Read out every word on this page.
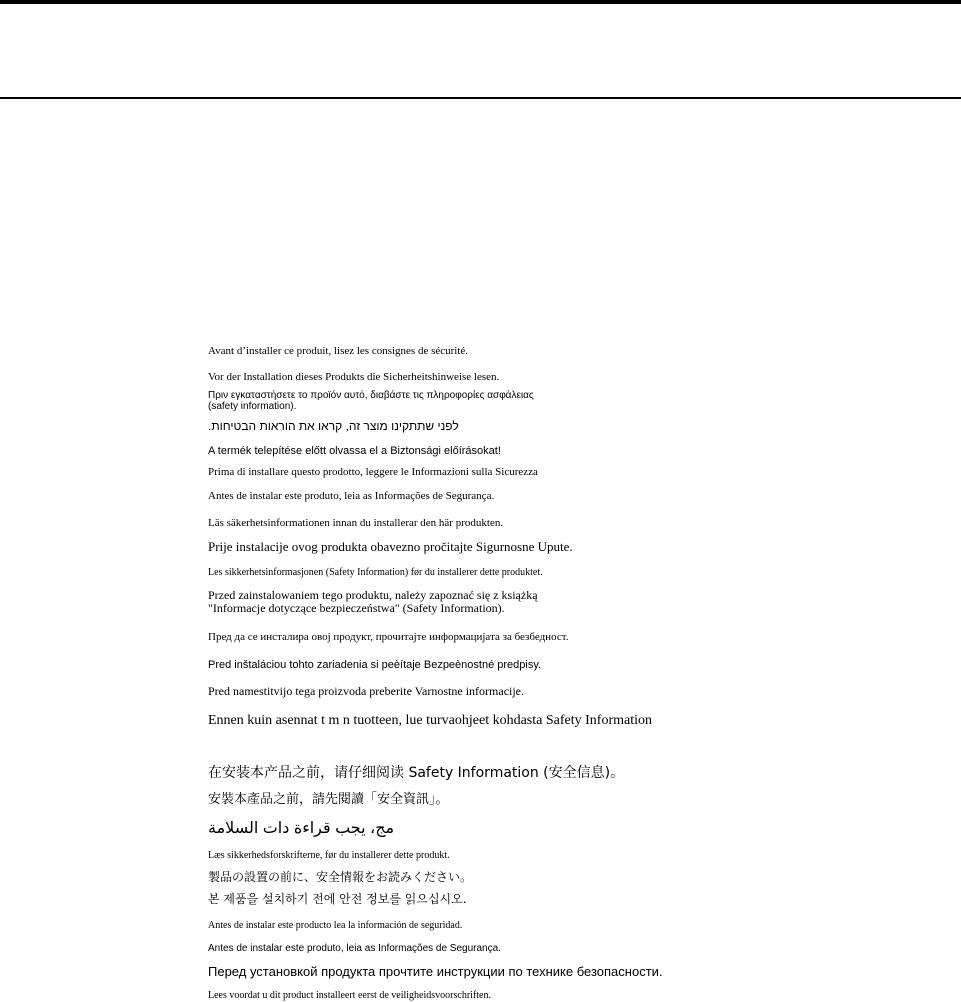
Avant d’installer ce produit, lisez les consignes de sécurité.
Vor der Installation dieses Produkts die Sicherheitshinweise lesen.
Πριν εγκαταστήσετε το προϊόν αυτό, διαβάστε τις πληροφορίες ασφάλειας (safety information).
לפני שתתקינו מוצר זה, קראו את הוראות הבטיחות.
A termék telepítése előtt olvassa el a Biztonsági előírásokat!
Prima di installare questo prodotto, leggere le Informazioni sulla Sicurezza
Antes de instalar este produto, leia as Informações de Segurança.
Läs säkerhetsinformationen innan du installerar den här produkten.
Prije instalacije ovog produkta obavezno pročitajte Sigurnosne Upute.
Les sikkerhetsinformasjonen (Safety Information) før du installerer dette produktet.
Przed zainstalowaniem tego produktu, należy zapoznać się z książką "Informacje dotyczące bezpieczeństwa" (Safety Information).
Пред да се инсталира овој продукт, прочитајте информацијата за безбедност.
Pred inštaláciou tohto zariadenia si peèítaje Bezpeènostné predpisy.
Pred namestitvijo tega proizvoda preberite Varnostne informacije.
Ennen kuin asennat t m n tuotteen, lue turvaohjeet kohdasta Safety Information
在安装本产品之前，请仔细阅读 Safety Information (安全信息)。
安裝本產品之前，請先閱讀「安全資訊」。
مج، يجب قراءة دات السلامة
Læs sikkerhedsforskrifterne, før du installerer dette produkt.
製品の設置の前に、安全情報をお読みください。
본 제품을 설치하기 전에 안전 정보를 읽으십시오.
Antes de instalar este producto lea la información de seguridad.
Antes de instalar este produto, leia as Informações de Segurança.
Перед установкой продукта прочтите инструкции по технике безопасности.
Lees voordat u dit product installeert eerst de veiligheidsvoorschriften.
